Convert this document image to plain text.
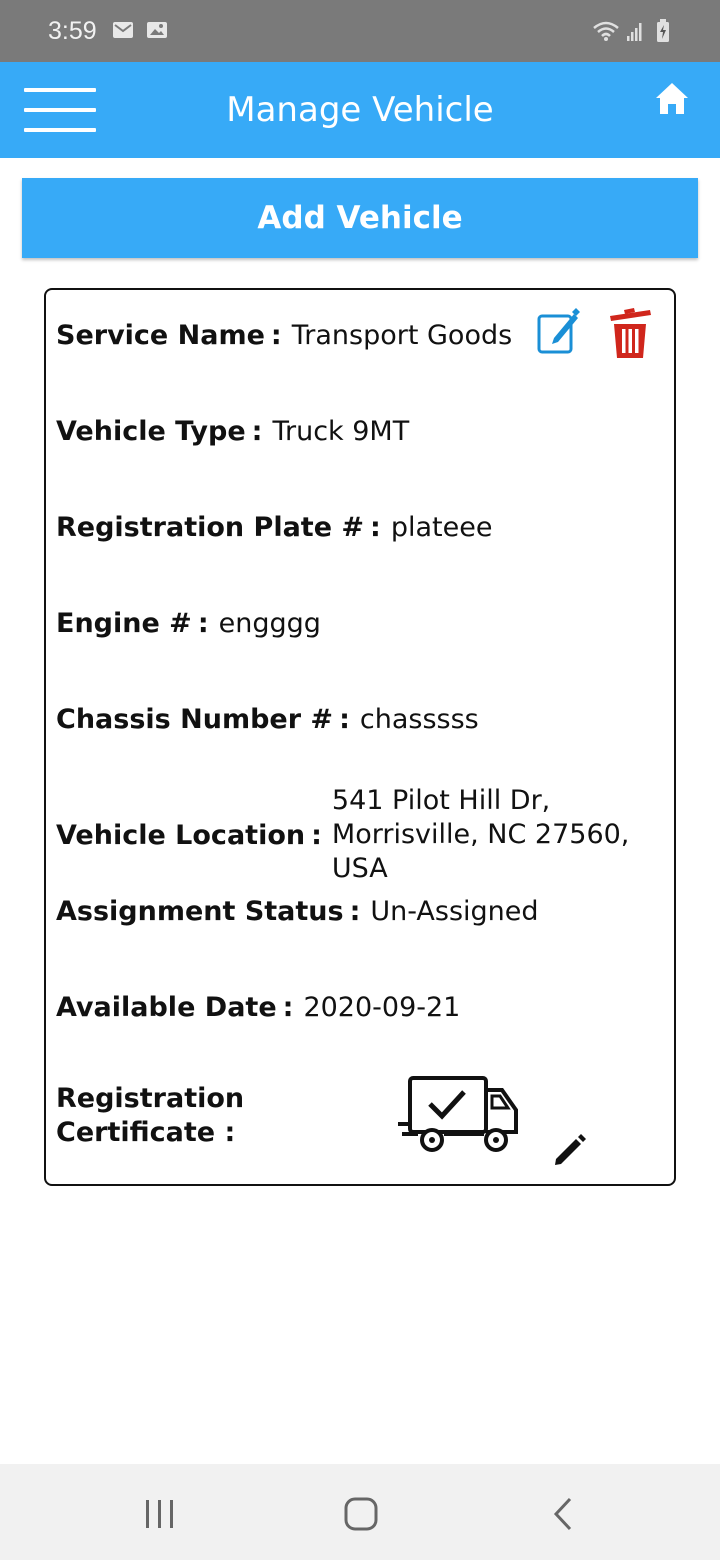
3:59
Manage Vehicle
Add Vehicle
Service Name : Transport Goods
Vehicle Type : Truck 9MT
Registration Plate # : plateee
Engine # : engggg
Chassis Number # : chasssss
Vehicle Location :
541 Pilot Hill Dr, Morrisville, NC 27560, USA
Assignment Status : Un-Assigned
Available Date : 2020-09-21
Registration
Certificate :
